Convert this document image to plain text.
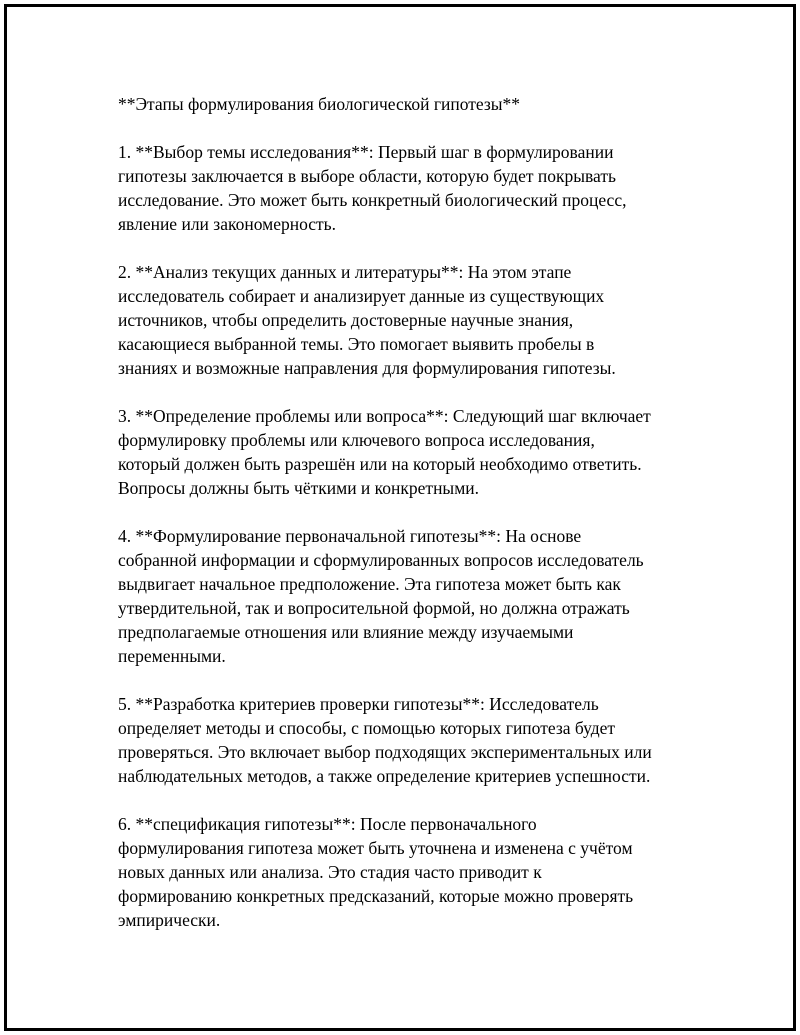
**Этапы формулирования биологической гипотезы**
1. **Выбор темы исследования**: Первый шаг в формулировании
гипотезы заключается в выборе области, которую будет покрывать
исследование. Это может быть конкретный биологический процесс,
явление или закономерность.
2. **Анализ текущих данных и литературы**: На этом этапе
исследователь собирает и анализирует данные из существующих
источников, чтобы определить достоверные научные знания,
касающиеся выбранной темы. Это помогает выявить пробелы в
знаниях и возможные направления для формулирования гипотезы.
3. **Определение проблемы или вопроса**: Следующий шаг включает
формулировку проблемы или ключевого вопроса исследования,
который должен быть разрешён или на который необходимо ответить.
Вопросы должны быть чёткими и конкретными.
4. **Формулирование первоначальной гипотезы**: На основе
собранной информации и сформулированных вопросов исследователь
выдвигает начальное предположение. Эта гипотеза может быть как
утвердительной, так и вопросительной формой, но должна отражать
предполагаемые отношения или влияние между изучаемыми
переменными.
5. **Разработка критериев проверки гипотезы**: Исследователь
определяет методы и способы, с помощью которых гипотеза будет
проверяться. Это включает выбор подходящих экспериментальных или
наблюдательных методов, а также определение критериев успешности.
6. **спецификация гипотезы**: После первоначального
формулирования гипотеза может быть уточнена и изменена с учётом
новых данных или анализа. Это стадия часто приводит к
формированию конкретных предсказаний, которые можно проверять
эмпирически.
